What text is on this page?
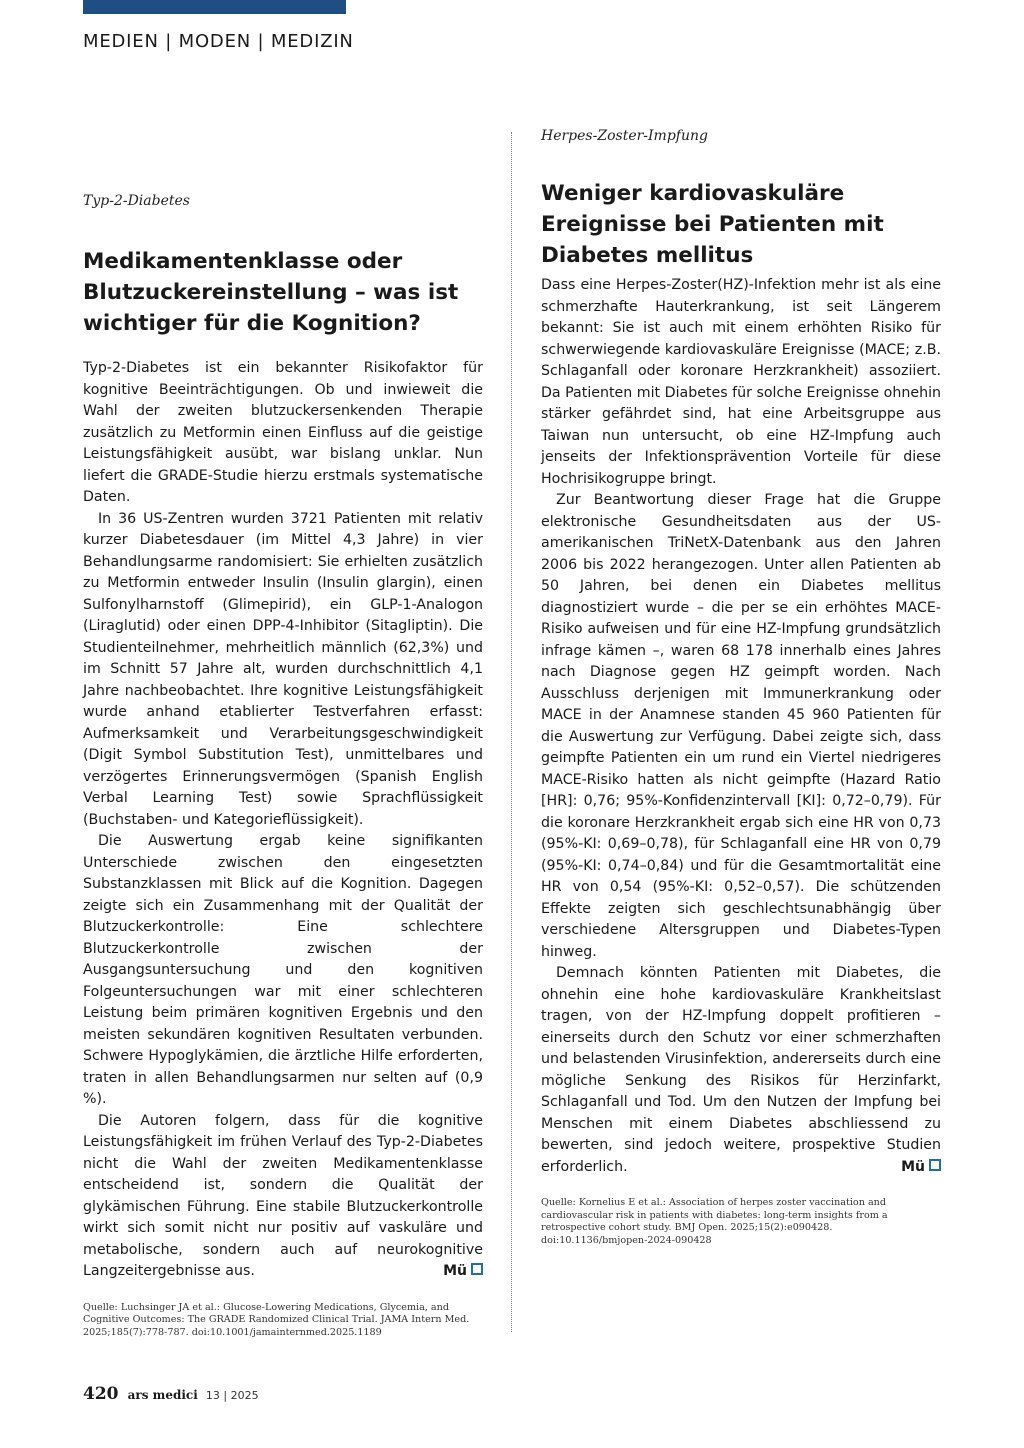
MEDIEN | MODEN | MEDIZIN

Typ-2-Diabetes

Medikamentenklasse oder Blutzuckereinstellung – was ist wichtiger für die Kognition?

Typ-2-Diabetes ist ein bekannter Risikofaktor für kognitive Beeinträchtigungen. Ob und inwieweit die Wahl der zweiten blutzuckersenkenden Therapie zusätzlich zu Metformin einen Einfluss auf die geistige Leistungsfähigkeit ausübt, war bislang unklar. Nun liefert die GRADE-Studie hierzu erstmals systematische Daten.

In 36 US-Zentren wurden 3721 Patienten mit relativ kurzer Diabetesdauer (im Mittel 4,3 Jahre) in vier Behandlungsarme randomisiert: Sie erhielten zusätzlich zu Metformin entweder Insulin (Insulin glargin), einen Sulfonylharnstoff (Glimepirid), ein GLP-1-Analogon (Liraglutid) oder einen DPP-4-Inhibitor (Sitagliptin). Die Studienteilnehmer, mehrheitlich männlich (62,3%) und im Schnitt 57 Jahre alt, wurden durchschnittlich 4,1 Jahre nachbeobachtet. Ihre kognitive Leistungsfähigkeit wurde anhand etablierter Testverfahren erfasst: Aufmerksamkeit und Verarbeitungsgeschwindigkeit (Digit Symbol Substitution Test), unmittelbares und verzögertes Erinnerungsvermögen (Spanish English Verbal Learning Test) sowie Sprachflüssigkeit (Buchstaben- und Kategorieflüssigkeit).

Die Auswertung ergab keine signifikanten Unterschiede zwischen den eingesetzten Substanzklassen mit Blick auf die Kognition. Dagegen zeigte sich ein Zusammenhang mit der Qualität der Blutzuckerkontrolle: Eine schlechtere Blutzuckerkontrolle zwischen der Ausgangsuntersuchung und den kognitiven Folgeuntersuchungen war mit einer schlechteren Leistung beim primären kognitiven Ergebnis und den meisten sekundären kognitiven Resultaten verbunden. Schwere Hypoglykämien, die ärztliche Hilfe erforderten, traten in allen Behandlungsarmen nur selten auf (0,9 %).

Die Autoren folgern, dass für die kognitive Leistungsfähigkeit im frühen Verlauf des Typ-2-Diabetes nicht die Wahl der zweiten Medikamentenklasse entscheidend ist, sondern die Qualität der glykämischen Führung. Eine stabile Blutzuckerkontrolle wirkt sich somit nicht nur positiv auf vaskuläre und metabolische, sondern auch auf neurokognitive Langzeitergebnisse aus.	Mü

Quelle: Luchsinger JA et al.: Glucose-Lowering Medications, Glycemia, and Cognitive Outcomes: The GRADE Randomized Clinical Trial. JAMA Intern Med. 2025;185(7):778-787. doi:10.1001/jamainternmed.2025.1189

Herpes-Zoster-Impfung

Weniger kardiovaskuläre Ereignisse bei Patienten mit Diabetes mellitus

Dass eine Herpes-Zoster(HZ)-Infektion mehr ist als eine schmerzhafte Hauterkrankung, ist seit Längerem bekannt: Sie ist auch mit einem erhöhten Risiko für schwerwiegende kardiovaskuläre Ereignisse (MACE; z.B. Schlaganfall oder koronare Herzkrankheit) assoziiert. Da Patienten mit Diabetes für solche Ereignisse ohnehin stärker gefährdet sind, hat eine Arbeitsgruppe aus Taiwan nun untersucht, ob eine HZ-Impfung auch jenseits der Infektionsprävention Vorteile für diese Hochrisikogruppe bringt.

Zur Beantwortung dieser Frage hat die Gruppe elektronische Gesundheitsdaten aus der US-amerikanischen TriNetX-Datenbank aus den Jahren 2006 bis 2022 herangezogen. Unter allen Patienten ab 50 Jahren, bei denen ein Diabetes mellitus diagnostiziert wurde – die per se ein erhöhtes MACE-Risiko aufweisen und für eine HZ-Impfung grundsätzlich infrage kämen –, waren 68 178 innerhalb eines Jahres nach Diagnose gegen HZ geimpft worden. Nach Ausschluss derjenigen mit Immunerkrankung oder MACE in der Anamnese standen 45 960 Patienten für die Auswertung zur Verfügung. Dabei zeigte sich, dass geimpfte Patienten ein um rund ein Viertel niedrigeres MACE-Risiko hatten als nicht geimpfte (Hazard Ratio [HR]: 0,76; 95%-Konfidenzintervall [KI]: 0,72–0,79). Für die koronare Herzkrankheit ergab sich eine HR von 0,73 (95%-KI: 0,69–0,78), für Schlaganfall eine HR von 0,79 (95%-KI: 0,74–0,84) und für die Gesamtmortalität eine HR von 0,54 (95%-KI: 0,52–0,57). Die schützenden Effekte zeigten sich geschlechtsunabhängig über verschiedene Altersgruppen und Diabetes-Typen hinweg.

Demnach könnten Patienten mit Diabetes, die ohnehin eine hohe kardiovaskuläre Krankheitslast tragen, von der HZ-Impfung doppelt profitieren – einerseits durch den Schutz vor einer schmerzhaften und belastenden Virusinfektion, andererseits durch eine mögliche Senkung des Risikos für Herzinfarkt, Schlaganfall und Tod. Um den Nutzen der Impfung bei Menschen mit einem Diabetes abschliessend zu bewerten, sind jedoch weitere, prospektive Studien erforderlich.	Mü

Quelle: Kornelius E et al.: Association of herpes zoster vaccination and cardiovascular risk in patients with diabetes: long-term insights from a retrospective cohort study. BMJ Open. 2025;15(2):e090428. doi:10.1136/bmjopen-2024-090428
420 ars medici 13 | 2025
